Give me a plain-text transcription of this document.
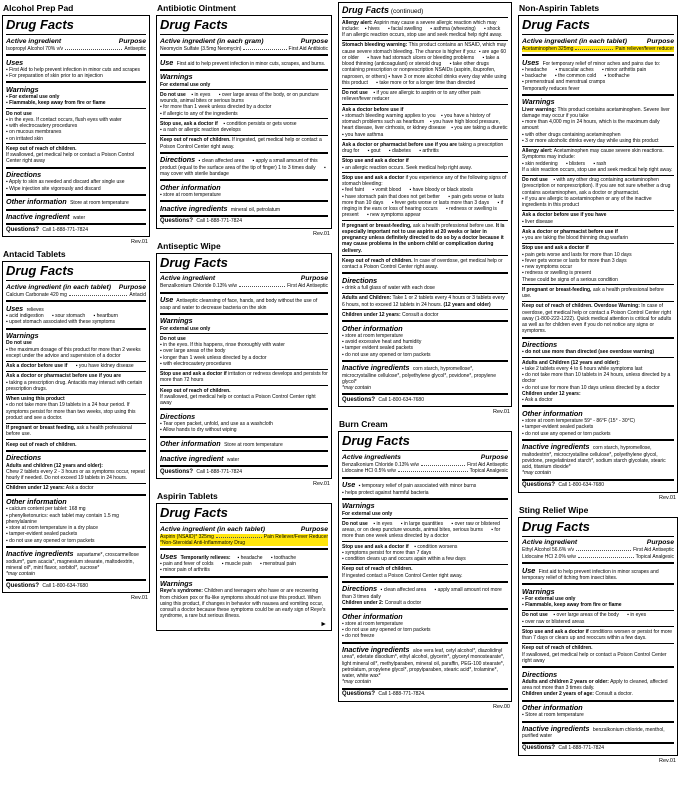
Alcohol Prep Pad
Drug Facts
Active ingredient	Purpose
Isopropyl Alcohol 70% v/v	Antiseptic
Uses
▪ First Aid to help prevent infection in minor cuts and scrapes
▪ For preparation of skin prior to an injection
Warnings
▪ For external use only
▪ Flammable, keep away from fire or flame
Do not use
▪ in the eyes. If contact occurs, flush eyes with water
▪ with electrocautery procedures
▪ on mucous membranes
▪ on irritated skin
Keep out of reach of children.
If swallowed, get medical help or contact a Poison Control Center right away
Directions
▪ Apply to skin as needed and discard after single use
▪ Wipe injection site vigorously and discard
Other information Store at room temperature
Inactive ingredient water
Questions? Call 1-888-771-7824
Rev.01
Antacid Tablets
Drug Facts
Active ingredient (in each tablet) Purpose
Calcium Carbonate 420 mg	Antacid
Uses relieves
▪ acid indigestion      ▪ sour stomach      ▪ heartburn
▪ upset stomach associated with these symptoms
Warnings
Do not use
▪ the maximum dosage of this product for more than 2 weeks except under the advice and supervision of a doctor
Ask a doctor before use if      ▪ you have kidney disease
Ask a doctor or pharmacist before use if you are
▪ taking a prescription drug. Antacids may interact with certain prescription drugs.
When using this product
▪ do not take more than 19 tablets in a 24 hour period. If symptoms persist for more than two weeks, stop using this product and see a doctor.
If pregnant or breast feeding, ask a health professional before use.
Keep out of reach of children.
Directions
Adults and children (12 years and older):
Chew 2 tablets every 2 - 3 hours or as symptoms occur, repeat hourly if needed. Do not exceed 19 tablets in 24 hours.
Children under 12 years: Ask a doctor
Other information
▪ calcium content per tablet: 168 mg
▪ phenylketonurics: each tablet may contain 1.5 mg phenylalanine
▪ store at room temperature in a dry place
▪ tamper-evident sealed packets
▪ do not use any opened or torn packets
Inactive ingredients aspartame*, croscarmellose sodium*, gum acacia*, magnesium stearate, maltodextrin, mineral oil*, mint flavor, sorbitol*, sucrose*
*may contain
Questions? Call 1-800-634-7680
Rev.01
Antibiotic Ointment
Drug Facts
Active ingredient (in each gram)	Purpose
Neomycin Sulfate (3.5mg Neomycin)	First Aid Antibiotic
Use First aid to help prevent infection in minor cuts, scrapes, and burns.
Warnings
For external use only
Do not use    ▪ in eyes      ▪ over large areas of the body, or on puncture wounds, animal bites or serious burns
▪ for more than 1 week unless directed by a doctor
▪ if allergic to any of the ingredients
Stop use, ask a doctor if    ▪ condition persists or gets worse
▪ a rash or allergic reaction develops
Keep out of reach of children. If ingested, get medical help or contact a Poison Control Center right away.
Directions ▪ clean affected area      ▪ apply a small amount of this product (equal to the surface area of the tip of finger) 1 to 3 times daily      ▪ may cover with sterile bandage
Other information
▪ store at room temperature
Inactive ingredients mineral oil, petrolatum
Questions? Call 1-888-771-7824
Rev.01
Antiseptic Wipe
Drug Facts
Active ingredient	Purpose
Benzalkonium Chloride 0.13% w/w	First Aid Antiseptic
Use Antiseptic cleansing of face, hands, and body without the use of soap and water to decrease bacteria on the skin
Warnings
For external use only
Do not use
▪ in the eyes. If this happens, rinse thoroughly with water
▪ over large areas of the body
▪ longer than 1 week unless directed by a doctor
▪ with electrocautery procedures
Stop use and ask a doctor if irritation or redness develops and persists for more than 72 hours
Keep out of reach of children.
If swallowed, get medical help or contact a Poison Control Center right away
Directions
▪ Tear open packet, unfold, and use as a washcloth
▪ Allow hands to dry without wiping
Other information Store at room temperature
Inactive ingredient water
Questions? Call 1-888-771-7824
Rev.01
Aspirin Tablets
Drug Facts
Active ingredient (in each tablet)	Purpose
Aspirin (NSAID)* 325mg	Pain Reliever/Fever Reducer
*Non-Steroidal Anti-Inflammatory Drug
Uses Temporarily relieves:     ▪ headache      ▪ toothache
▪ pain and fever of colds      ▪ muscle pain      ▪ menstrual pain
▪ minor pain of arthritis
Warnings
Reye's syndrome: Children and teenagers who have or are recovering from chicken pox or flu-like symptoms should not use this product. When using this product, if changes in behavior with nausea and vomiting occur, consult a doctor because these symptoms could be an early sign of Reye's syndrome, a rare but serious illness.
►
Drug Facts (continued)
Allergy alert: Aspirin may cause a severe allergic reaction which may include:    ▪ hives      ▪ facial swelling      ▪ asthma (wheezing)      ▪ shock
If an allergic reaction occurs, stop use and seek medical help right away.
Stomach bleeding warning: This product contains an NSAID, which may cause severe stomach bleeding. The chance is higher if you:  ▪ are age 60 or older      ▪ have had stomach ulcers or bleeding problems      ▪ take a blood thinning (anticoagulant) or steroid drug      ▪ take other drugs containing prescription or nonprescription NSAIDs (aspirin, ibuprofen, naproxen, or others) ▪ have 3 or more alcohol drinks every day while using this product      ▪ take more or for a longer time than directed
Do not use    ▪ if you are allergic to aspirin or to any other pain reliever/fever reducer
Ask a doctor before use if
▪ stomach bleeding warning applies to you    ▪ you have a history of stomach problems such as heartburn    ▪ you have high blood pressure, heart disease, liver cirrhosis, or kidney disease    ▪ you are taking a diuretic      ▪ you have asthma
Ask a doctor or pharmacist before use if you are taking a prescription drug for      ▪ gout      ▪ diabetes      ▪ arthritis
Stop use and ask a doctor if
▪ an allergic reaction occurs. Seek medical help right away.
Stop use and ask a doctor if you experience any of the following signs of stomach bleeding:
▪ feel faint      ▪ vomit blood      ▪ have bloody or black stools
▪ have stomach pain that does not get better      ▪ pain gets worse or lasts more than 10 days      ▪ fever gets worse or lasts more than 3 days      ▪ if ringing in the ears or loss of hearing occurs      ▪ redness or swelling is present      ▪ new symptoms appear
If pregnant or breast-feeding, ask a health professional before use. It is especially important not to use aspirin at 20 weeks or later in pregnancy unless definitely directed to do so by a doctor because it may cause problems in the unborn child or complication during delivery.
Keep out of reach of children. In case of overdose, get medical help or contact a Poison Control Center right away.
Directions
▪ drink a full glass of water with each dose
Adults and Children: Take 1 or 2 tablets every 4 hours or 3 tablets every 6 hours, not to exceed 12 tablets in 24 hours. (12 years and older)
Children under 12 years: Consult a doctor
Other information
▪ store at room temperature
▪ avoid excessive heat and humidity
▪ tamper evident sealed packets
▪ do not use any opened or torn packets
Inactive ingredients corn starch, hypromellose*, microcrystalline cellulose*, polyethylene glycol*, povidone*, propylene glycol*
*may contain
Questions? Call 1-800-634-7680
Rev.01
Burn Cream
Drug Facts
Active ingredients	Purpose
Benzalkonium Chloride 0.13% w/w	First Aid Antiseptic
Lidocaine HCl 0.5% w/w	Topical Analgesic
Use ▪ temporary relief of pain associated with minor burns
▪ helps protect against harmful bacteria
Warnings
For external use only
Do not use    ▪ in eyes      ▪ in large quantities      ▪ over raw or blistered areas, or on deep puncture wounds, animal bites, serious burns      ▪ for more than one week unless directed by a doctor
Stop use and ask a doctor if    ▪ condition worsens
▪ symptoms persist for more than 7 days
▪ condition clears up and occurs again within a few days
Keep out of reach of children.
If ingested contact a Poison Control Center right away.
Directions ▪ clean affected area      ▪ apply small amount not more than 3 times daily
Children under 2: Consult a doctor
Other information
▪ store at room temperature
▪ do not use any opened or torn packets
▪ do not freeze
Inactive ingredients aloe vera leaf, cetyl alcohol*, diazolidinyl urea*, edetate disodium*, ethyl alcohol, glycerin*, glyceryl monostearate*, light mineral oil*, methylparaben, mineral oil, paraffin, PEG-100 stearate*, petrolatum, propylene glycol*, propylparaben, stearic acid*, trolamine*, water, white wax*
*may contain
Questions? Call 1-888-771-7824.
Rev.00
Non-Aspirin Tablets
Drug Facts
Active ingredient (in each tablet)	Purpose
Acetaminophen 325mg	Pain reliever/fever reducer
Uses For temporary relief of minor aches and pains due to:
▪ headache      ▪ muscular aches      ▪ minor arthritis pain
▪ backache      ▪ the common cold      ▪ toothache
▪ premenstrual and menstrual cramps
Temporarily reduces fever
Warnings
Liver warning: This product contains acetaminophen. Severe liver damage may occur if you take
▪ more than 4,000 mg in 24 hours, which is the maximum daily amount
▪ with other drugs containing acetaminophen
▪ 3 or more alcoholic drinks every day while using this product
Allergy alert: Acetaminophen may cause severe skin reactions. Symptoms may include:
▪ skin reddening      ▪ blisters      ▪ rash
If a skin reaction occurs, stop use and seek medical help right away.
Do not use    ▪ with any other drug containing acetaminophen (prescription or nonprescription). If you are not sure whether a drug contains acetaminophen, ask a doctor or pharmacist.
▪ if you are allergic to acetaminophen or any of the inactive ingredients in this product
Ask a doctor before use if you have
▪ liver disease
Ask a doctor or pharmacist before use if
▪ you are taking the blood thinning drug warfarin
Stop use and ask a doctor if
▪ pain gets worse and lasts for more than 10 days
▪ fever gets worse or lasts for more than 3 days
▪ new symptoms occur
▪ redness or swelling is present
These could be signs of a serious condition
If pregnant or breast-feeding, ask a health professional before use.
Keep out of reach of children. Overdose Warning: In case of overdose, get medical help or contact a Poison Control Center right away (1-800-222-1222). Quick medical attention is critical for adults as well as for children even if you do not notice any signs or symptoms.
Directions
▪ do not use more than directed (see overdose warning)
Adults and Children (12 years and older):
▪ take 2 tablets every 4 to 6 hours while symptoms last
▪ do not take more than 10 tablets in 24 hours, unless directed by a doctor
▪ do not use for more than 10 days unless directed by a doctor
Children under 12 years:
▪ Ask a doctor
Other information
▪ store at room temperature 59° - 86°F (15° - 30°C)
▪ tamper-evident sealed packets
▪ do not use any opened or torn packets
Inactive ingredients corn starch, hypromellose, maltodextrin*, microcrystalline cellulose*, polyethylene glycol, povidone, pregelatinized starch*, sodium starch glycolate, stearic acid, titanium dioxide*
*may contain
Questions? Call 1-800-634-7680
Rev.01
Sting Relief Wipe
Drug Facts
Active ingredient	Purpose
Ethyl Alcohol 56.6% v/v	First Aid Antiseptic
Lidocaine HCl 2.0% w/w	Topical Analgesic
Use First aid to help prevent infection in minor scrapes and temporary relief of itching from insect bites.
Warnings
▪ For external use only
▪ Flammable, keep away from fire or flame
Do not use    ▪ over large areas of the body      ▪ in eyes
▪ over raw or blistered areas
Stop use and ask a doctor if conditions worsen or persist for more than 7 days or clears up and reoccurs within a few days.
Keep out of reach of children.
If swallowed, get medical help or contact a Poison Control Center right away
Directions
Adults and children 2 years or older: Apply to cleaned, affected area not more than 3 times daily.
Children under 2 years of age: Consult a doctor.
Other information
▪ Store at room temperature
Inactive ingredients benzalkonium chloride, menthol, purified water
Questions? Call 1-888-771-7824
Rev.01
